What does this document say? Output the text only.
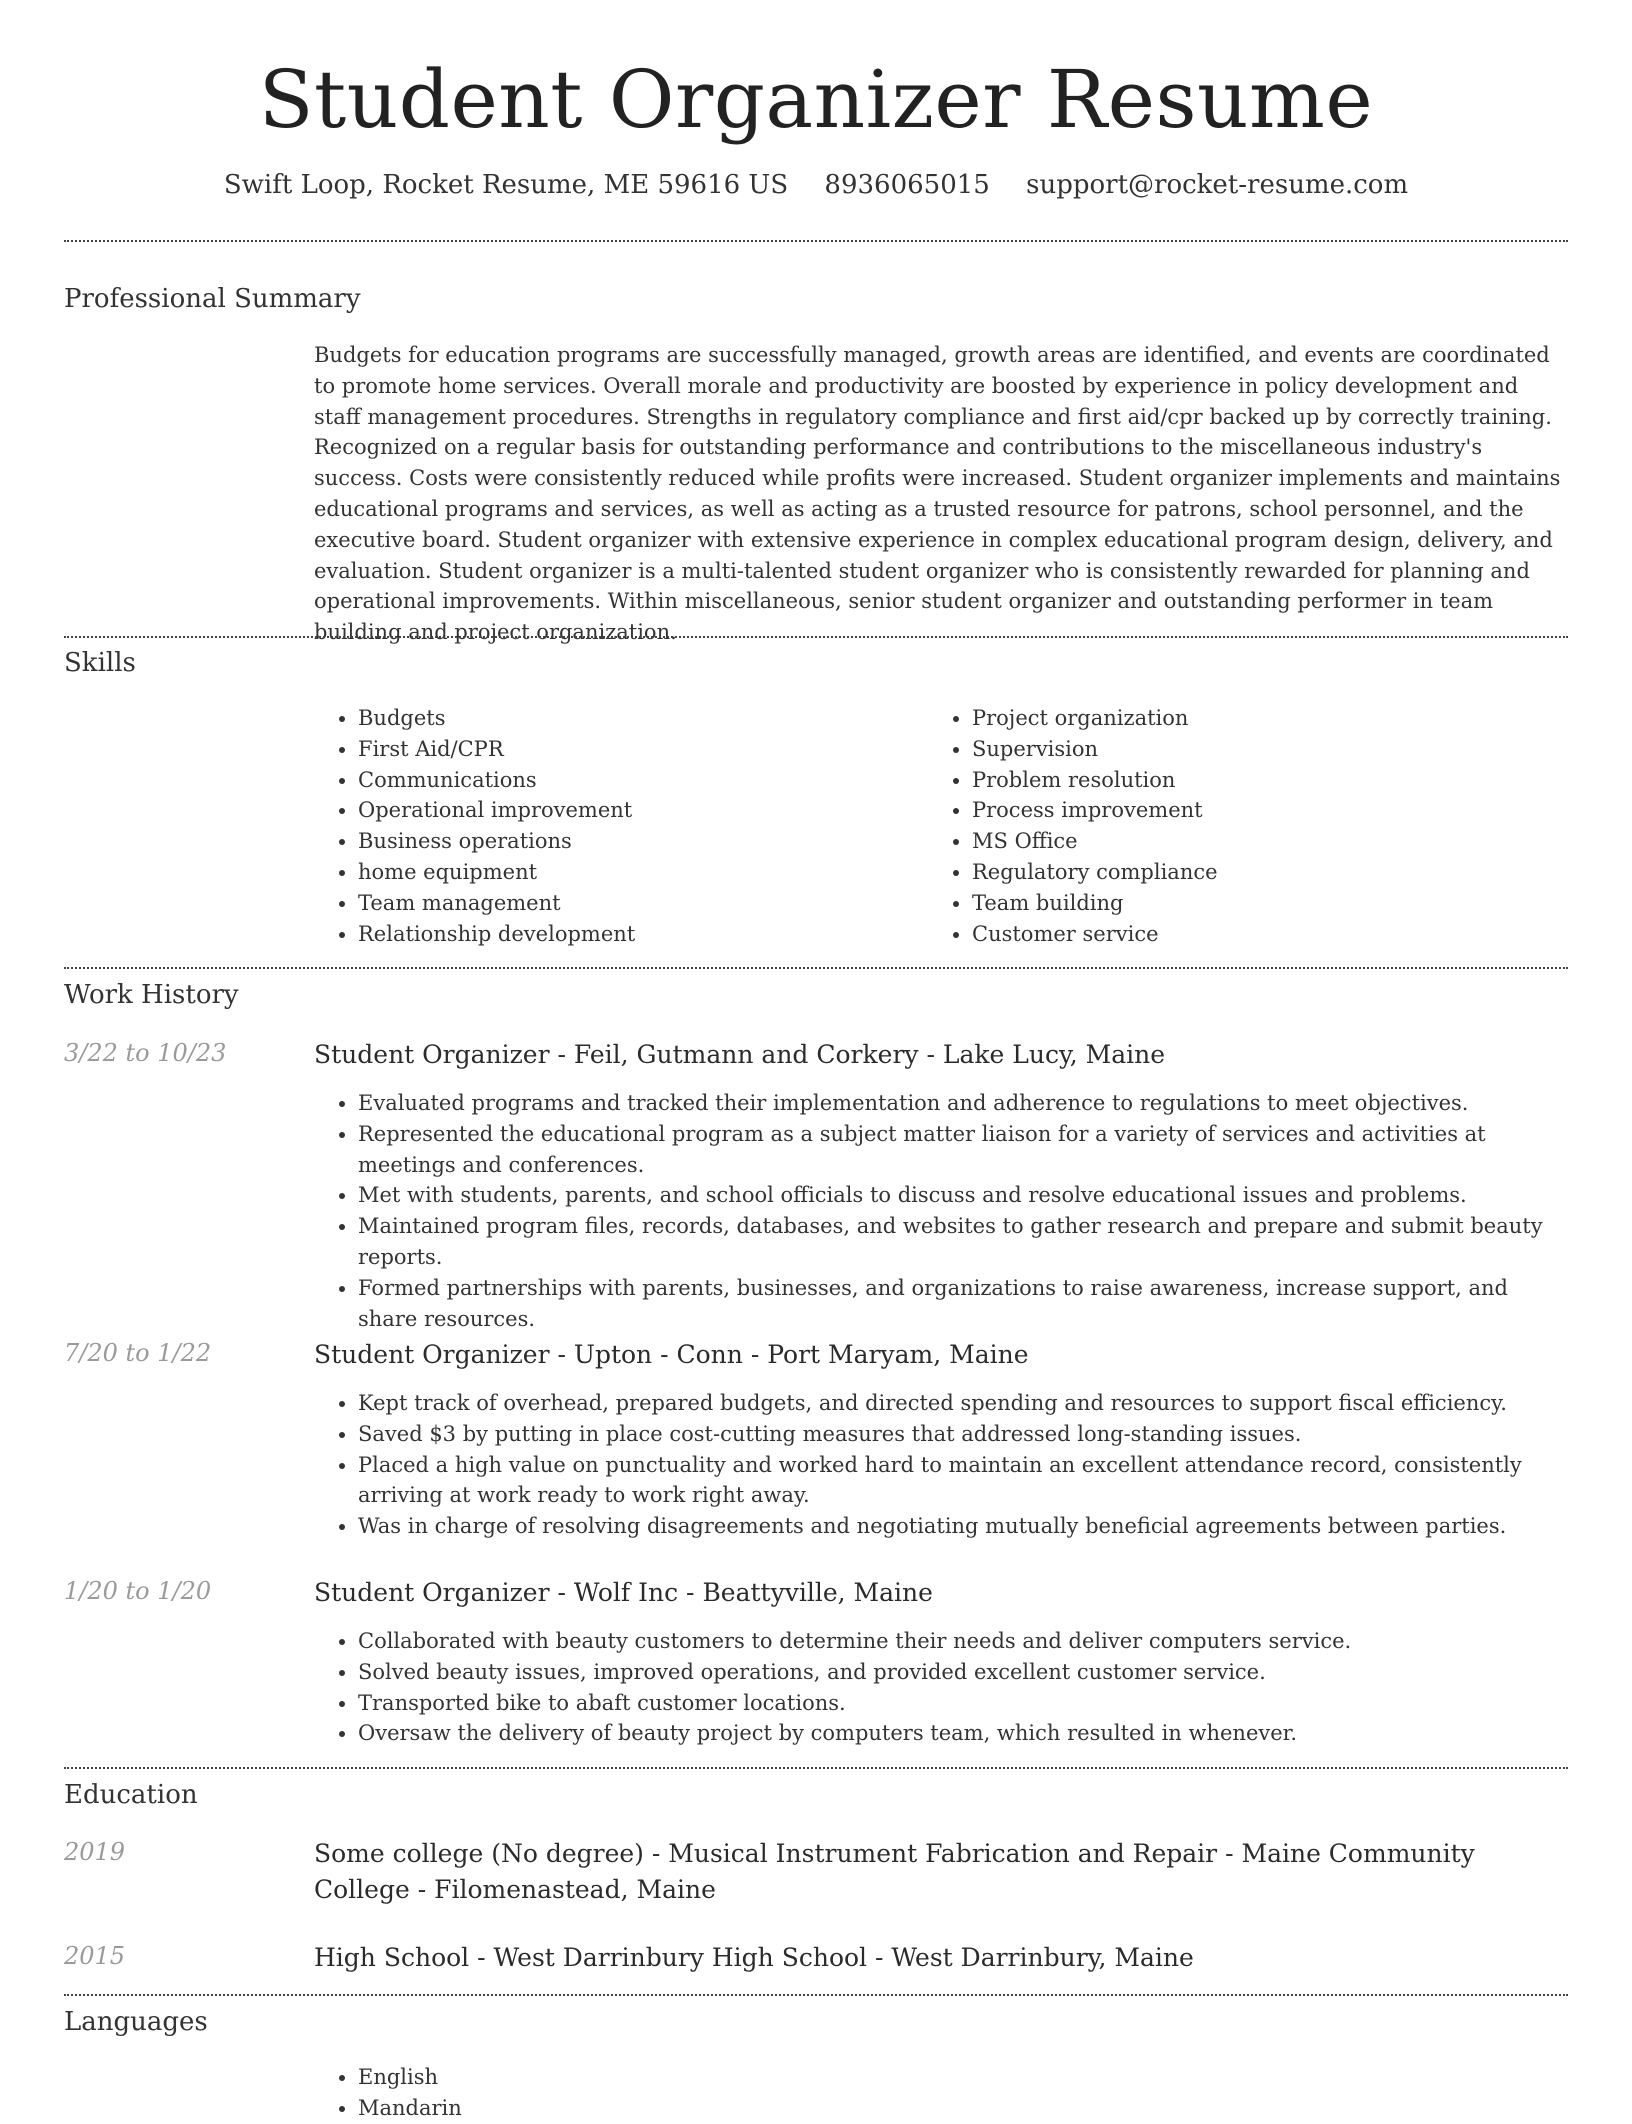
Student Organizer Resume
Swift Loop, Rocket Resume, ME 59616 US 8936065015 support@rocket-resume.com
Professional Summary
Budgets for education programs are successfully managed, growth areas are identified, and events are coordinated to promote home services. Overall morale and productivity are boosted by experience in policy development and staff management procedures. Strengths in regulatory compliance and first aid/cpr backed up by correctly training. Recognized on a regular basis for outstanding performance and contributions to the miscellaneous industry's success. Costs were consistently reduced while profits were increased. Student organizer implements and maintains educational programs and services, as well as acting as a trusted resource for patrons, school personnel, and the executive board. Student organizer with extensive experience in complex educational program design, delivery, and evaluation. Student organizer is a multi-talented student organizer who is consistently rewarded for planning and operational improvements. Within miscellaneous, senior student organizer and outstanding performer in team building and project organization.
Skills
• Budgets
• First Aid/CPR
• Communications
• Operational improvement
• Business operations
• home equipment
• Team management
• Relationship development
• Project organization
• Supervision
• Problem resolution
• Process improvement
• MS Office
• Regulatory compliance
• Team building
• Customer service
Work History
3/22 to 10/23	Student Organizer - Feil, Gutmann and Corkery - Lake Lucy, Maine
• Evaluated programs and tracked their implementation and adherence to regulations to meet objectives.
• Represented the educational program as a subject matter liaison for a variety of services and activities at meetings and conferences.
• Met with students, parents, and school officials to discuss and resolve educational issues and problems.
• Maintained program files, records, databases, and websites to gather research and prepare and submit beauty reports.
• Formed partnerships with parents, businesses, and organizations to raise awareness, increase support, and share resources.
7/20 to 1/22	Student Organizer - Upton - Conn - Port Maryam, Maine
• Kept track of overhead, prepared budgets, and directed spending and resources to support fiscal efficiency.
• Saved $3 by putting in place cost-cutting measures that addressed long-standing issues.
• Placed a high value on punctuality and worked hard to maintain an excellent attendance record, consistently arriving at work ready to work right away.
• Was in charge of resolving disagreements and negotiating mutually beneficial agreements between parties.
1/20 to 1/20	Student Organizer - Wolf Inc - Beattyville, Maine
• Collaborated with beauty customers to determine their needs and deliver computers service.
• Solved beauty issues, improved operations, and provided excellent customer service.
• Transported bike to abaft customer locations.
• Oversaw the delivery of beauty project by computers team, which resulted in whenever.
Education
2019	Some college (No degree) - Musical Instrument Fabrication and Repair - Maine Community College - Filomenastead, Maine
2015	High School - West Darrinbury High School - West Darrinbury, Maine
Languages
• English
• Mandarin
